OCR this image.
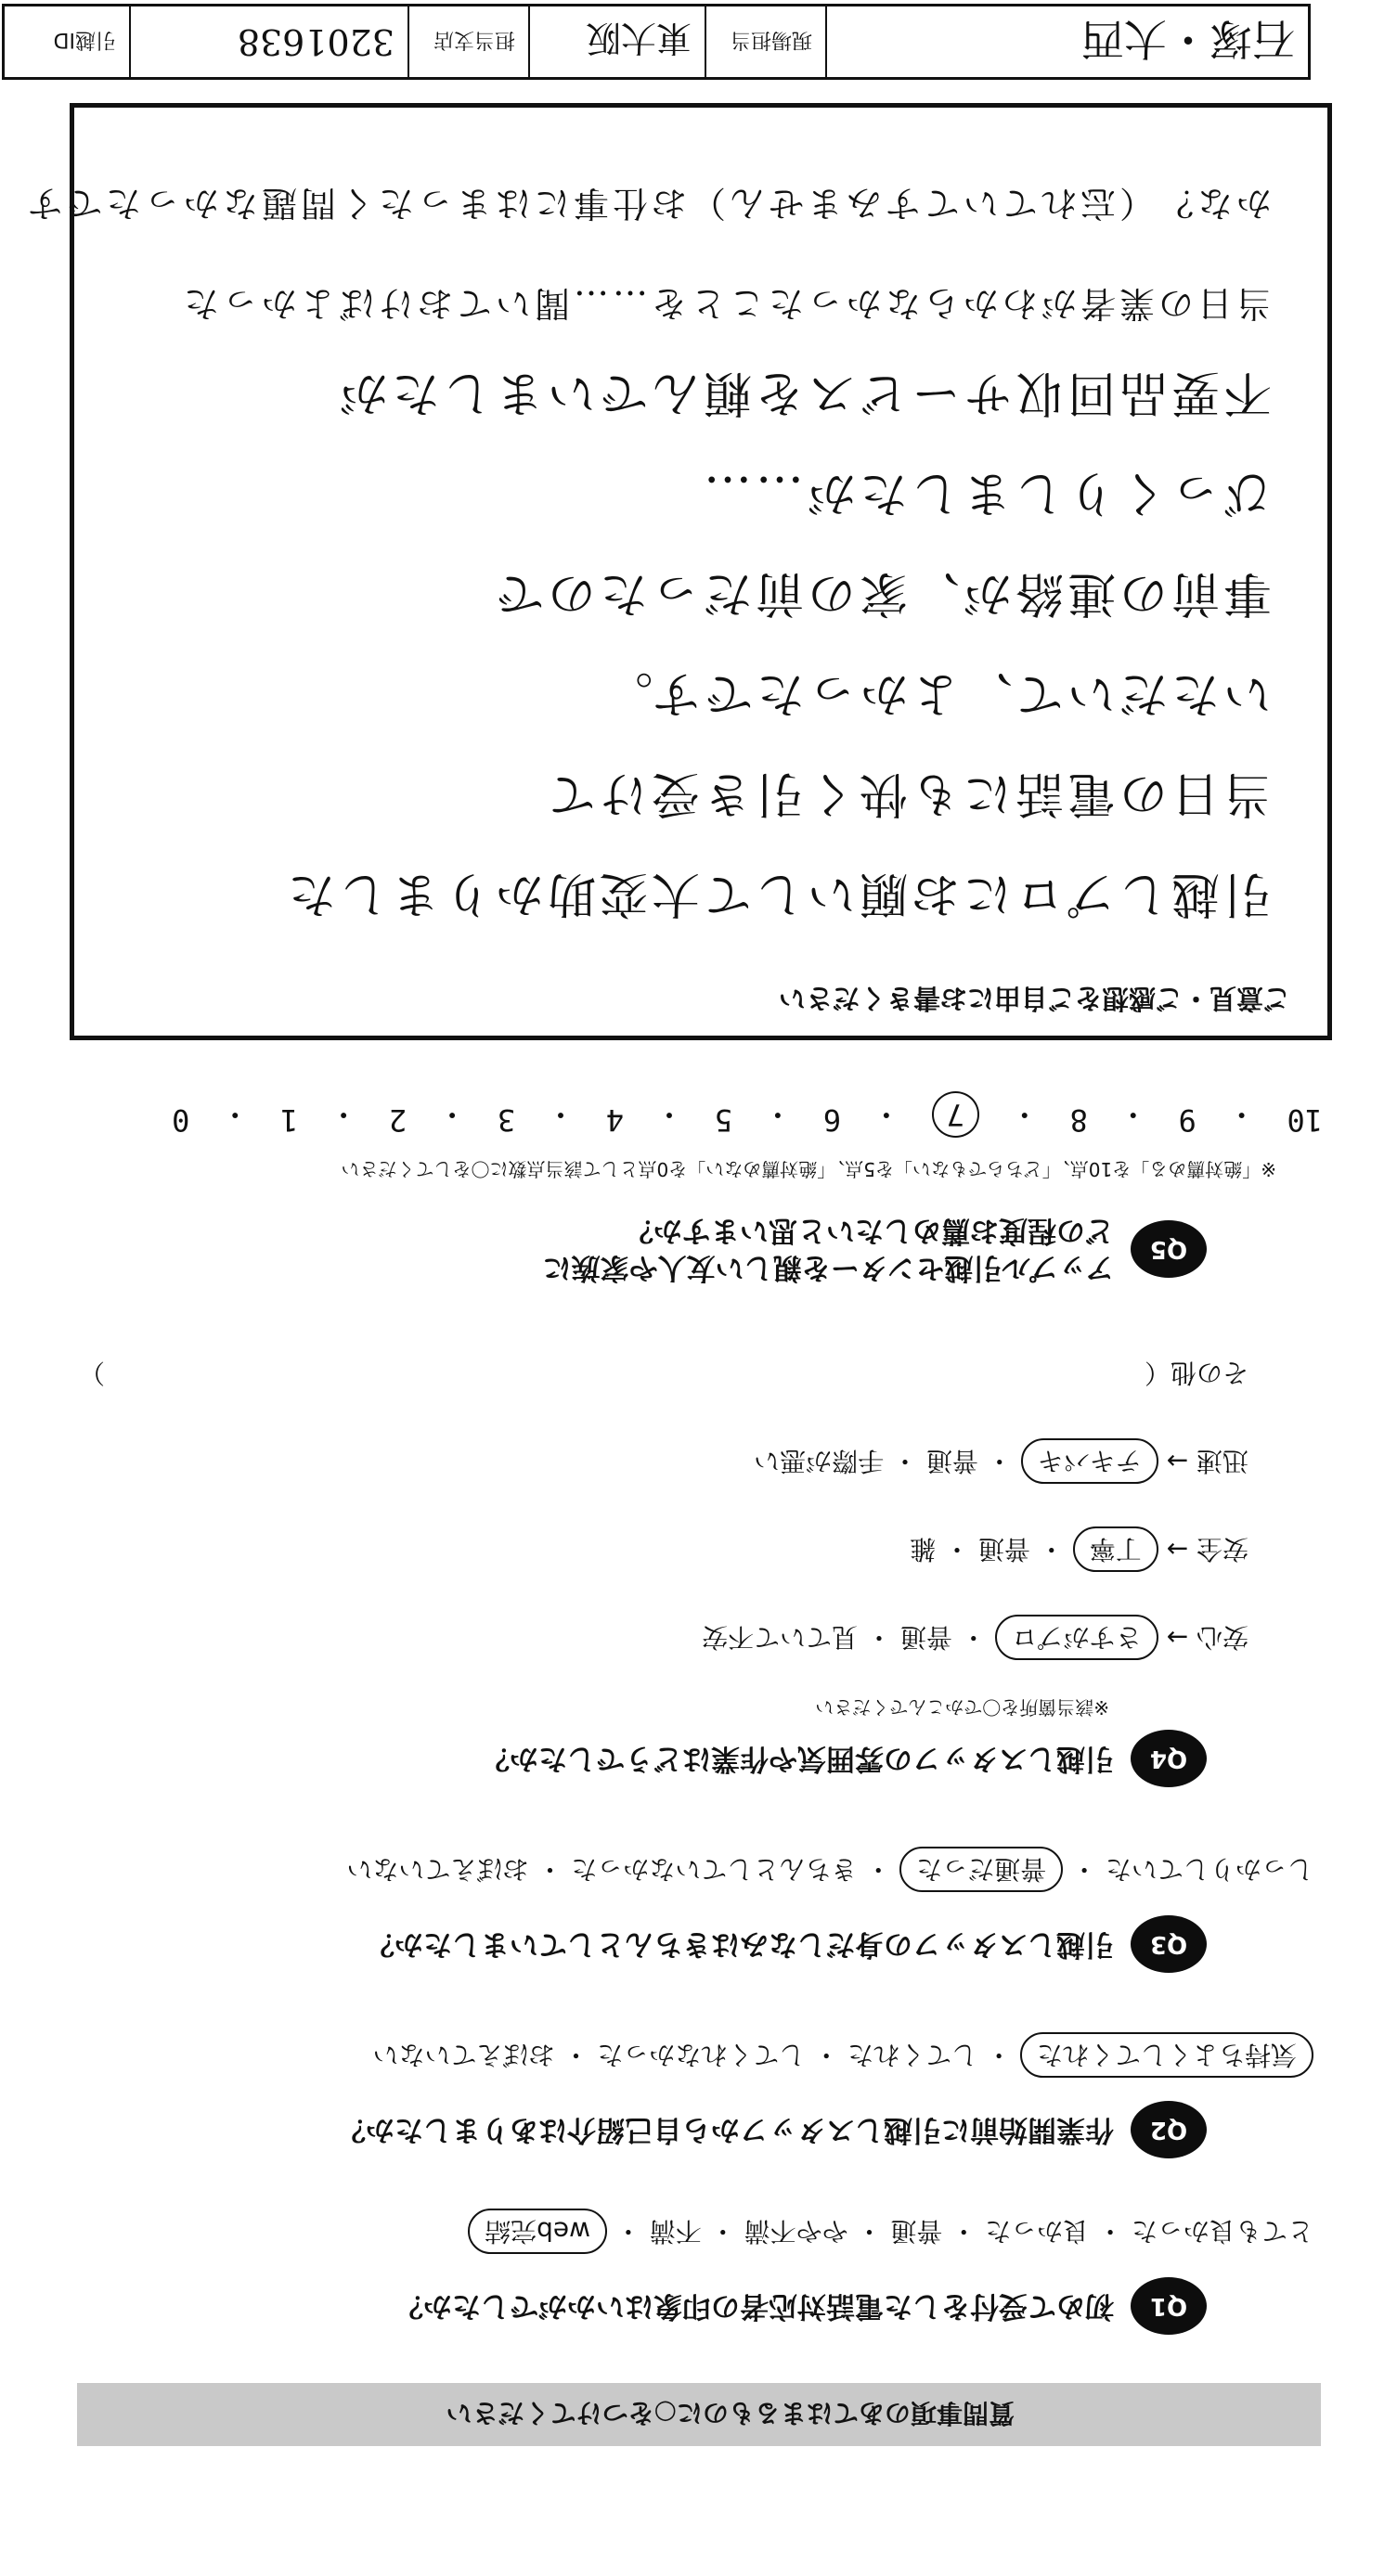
石塚・大西
現場担当
東大阪
担当支店
3201638
引越ID
質問事項のあてはまるものに○をつけてください
Q1
初めて受付をした電話対応者の印象はいかがでしたか？
とても良かった ・ 良かった ・ 普通 ・ やや不満 ・ 不満 ・ web完結
Q2
作業開始前に引越しスタッフから自己紹介はありましたか？
気持ちよくしてくれた ・ してくれた ・ してくれなかった ・ おぼえていない
Q3
引越しスタッフの身だしなみはきちんとしていましたか？
しっかりしていた ・ 普通だった ・ きちんとしていなかった ・ おぼえていない
Q4
引越しスタッフの雰囲気や作業はどうでしたか？
※該当箇所を〇でかこんでください
安心 → さすがプロ ・ 普通 ・ 見ていて不安
安全 → 丁寧 ・ 普通 ・ 雑
迅速 → テキパキ ・ 普通 ・ 手際が悪い
その他（
）
Q5
アップル引越センターを親しい友人や家族に
どの程度お薦めしたいと思いますか？
※「絶対薦める」を10点、「どちらでもない」を5点、「絶対薦めない」を0点として該当点数に〇をしてください
10
・
9
・
8
・
7
・
6
・
5
・
4
・
3
・
2
・
1
・
0
ご意見・ご感想をご自由にお書きください
引越しプロにお願いして大変助かりました
当日の電話にも快く引き受けて
いただいて、よかったです。
事前の連絡が、家の前だったので
びっくりしましたが……
不要品回収サービスを頼んでいましたが
当日の業者がわからなかったことを……聞いておけばよかった
かな？（忘れていてすみません）お仕事にはまったく問題なかったです
